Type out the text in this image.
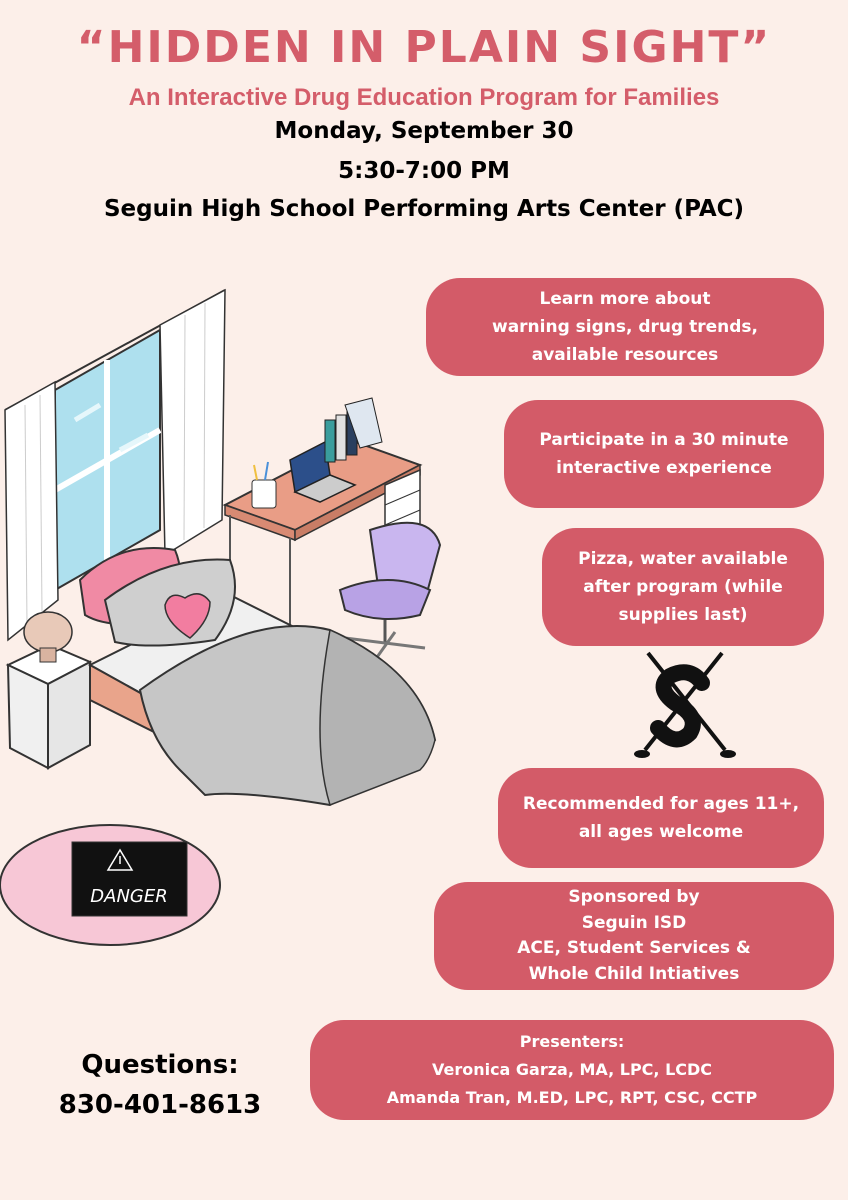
“HIDDEN IN PLAIN SIGHT”
An Interactive Drug Education Program for Families
Monday, September 30
5:30-7:00 PM
Seguin High School Performing Arts Center (PAC)
DANGER
Learn more about
warning signs, drug trends,
available resources
Participate in a 30 minute
interactive experience
Pizza, water available
after program (while
supplies last)
Recommended for ages 11+,
all ages welcome
Sponsored by
Seguin ISD
ACE, Student Services &
Whole Child Intiatives
Presenters:
Veronica Garza, MA, LPC, LCDC
Amanda Tran, M.ED, LPC, RPT, CSC, CCTP
Questions:
830-401-8613
